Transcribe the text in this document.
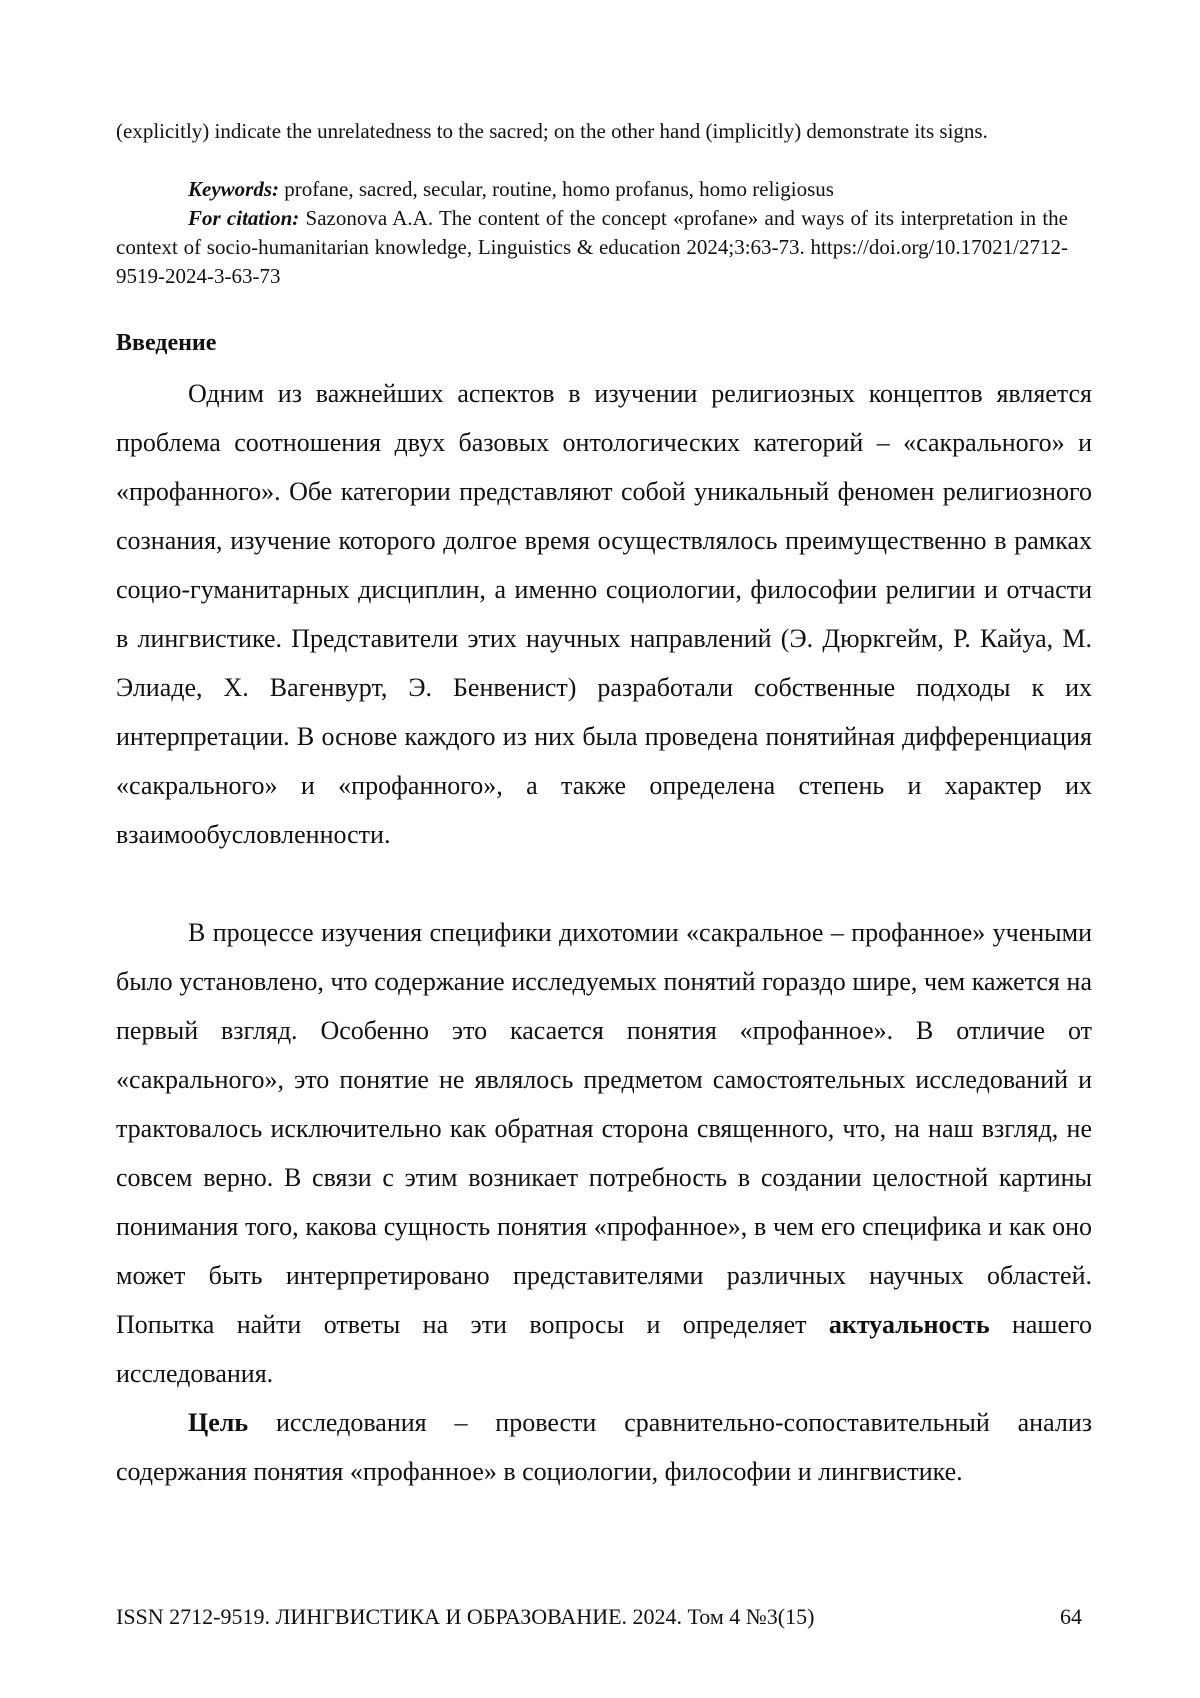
(explicitly) indicate the unrelatedness to the sacred; on the other hand (implicitly) demonstrate its signs.
Keywords: profane, sacred, secular, routine, homo profanus, homo religiosus
For citation: Sazonova A.A. The content of the concept «profane» and ways of its interpretation in the context of socio-humanitarian knowledge, Linguistics & education 2024;3:63-73. https://doi.org/10.17021/2712-9519-2024-3-63-73
Введение

Одним из важнейших аспектов в изучении религиозных концептов является проблема соотношения двух базовых онтологических категорий – «сакрального» и «профанного». Обе категории представляют собой уникальный феномен религиозного сознания, изучение которого долгое время осуществлялось преимущественно в рамках социо-гуманитарных дисциплин, а именно социологии, философии религии и отчасти в лингвистике. Представители этих научных направлений (Э. Дюркгейм, Р. Кайуа, М. Элиаде, Х. Вагенвурт, Э. Бенвенист) разработали собственные подходы к их интерпретации. В основе каждого из них была проведена понятийная дифференциация «сакрального» и «профанного», а также определена степень и характер их взаимообусловленности.

В процессе изучения специфики дихотомии «сакральное – профанное» учеными было установлено, что содержание исследуемых понятий гораздо шире, чем кажется на первый взгляд. Особенно это касается понятия «профанное». В отличие от «сакрального», это понятие не являлось предметом самостоятельных исследований и трактовалось исключительно как обратная сторона священного, что, на наш взгляд, не совсем верно. В связи с этим возникает потребность в создании целостной картины понимания того, какова сущность понятия «профанное», в чем его специфика и как оно может быть интерпретировано представителями различных научных областей. Попытка найти ответы на эти вопросы и определяет актуальность нашего исследования.

Цель исследования – провести сравнительно-сопоставительный анализ содержания понятия «профанное» в социологии, философии и лингвистике.

ISSN 2712-9519. ЛИНГВИСТИКА И ОБРАЗОВАНИЕ. 2024. Том 4 №3(15)	64
